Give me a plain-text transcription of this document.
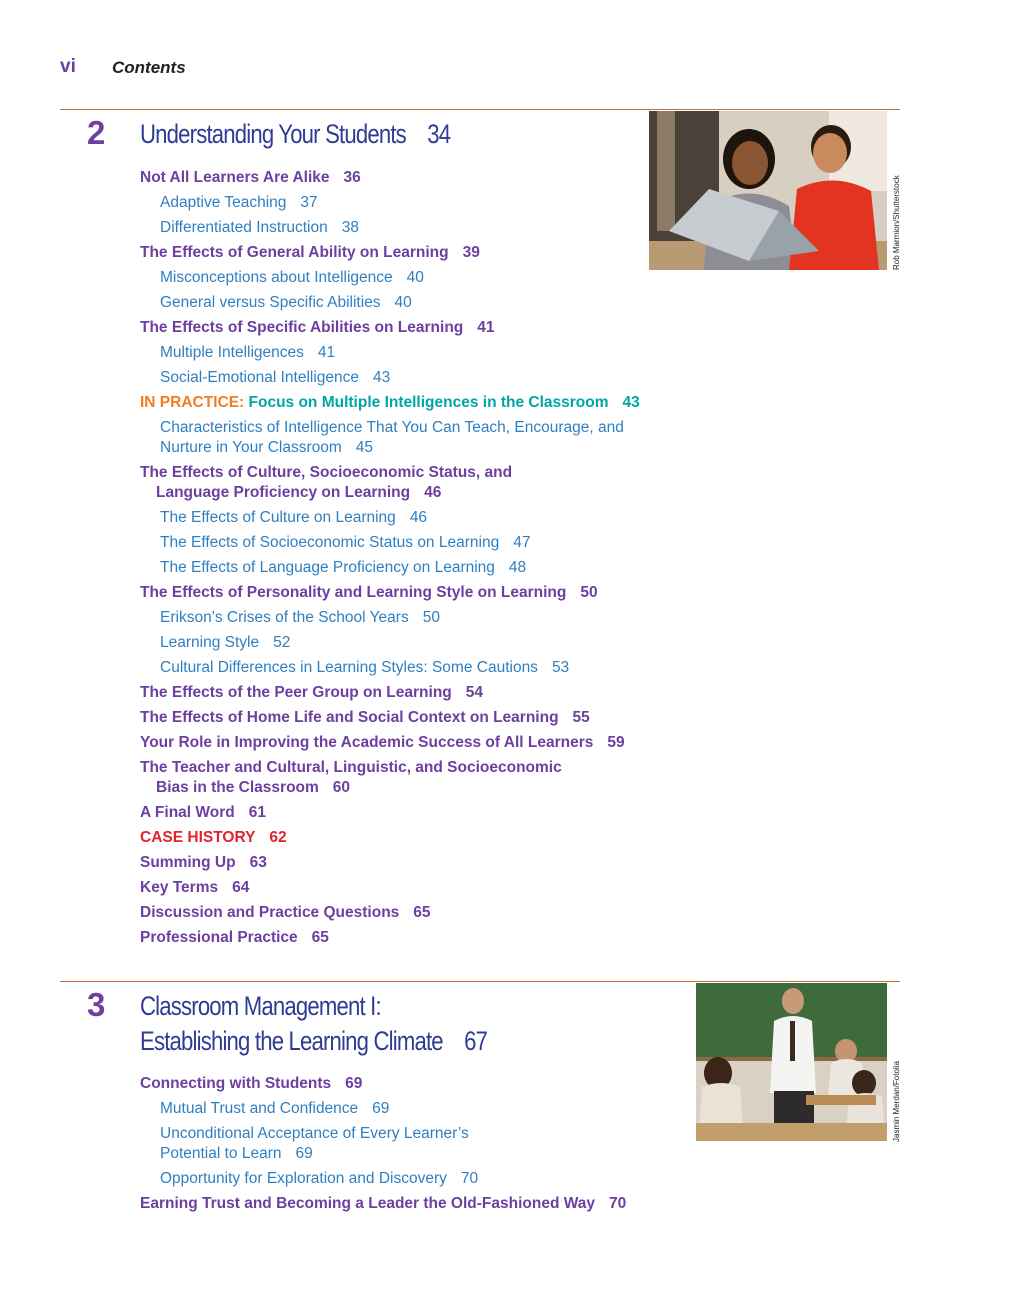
vi Contents
2 Understanding Your Students 34
Rob Marmion/Shutterstock
Not All Learners Are Alike 36
Adaptive Teaching 37
Differentiated Instruction 38
The Effects of General Ability on Learning 39
Misconceptions about Intelligence 40
General versus Specific Abilities 40
The Effects of Specific Abilities on Learning 41
Multiple Intelligences 41
Social-Emotional Intelligence 43
IN PRACTICE: Focus on Multiple Intelligences in the Classroom 43
Characteristics of Intelligence That You Can Teach, Encourage, and
Nurture in Your Classroom 45
The Effects of Culture, Socioeconomic Status, and
Language Proficiency on Learning 46
The Effects of Culture on Learning 46
The Effects of Socioeconomic Status on Learning 47
The Effects of Language Proficiency on Learning 48
The Effects of Personality and Learning Style on Learning 50
Erikson’s Crises of the School Years 50
Learning Style 52
Cultural Differences in Learning Styles: Some Cautions 53
The Effects of the Peer Group on Learning 54
The Effects of Home Life and Social Context on Learning 55
Your Role in Improving the Academic Success of All Learners 59
The Teacher and Cultural, Linguistic, and Socioeconomic
Bias in the Classroom 60
A Final Word 61
CASE HISTORY 62
Summing Up 63
Key Terms 64
Discussion and Practice Questions 65
Professional Practice 65
3 Classroom Management I:
Establishing the Learning Climate 67
Jasmin Merdan/Fotolia
Connecting with Students 69
Mutual Trust and Confidence 69
Unconditional Acceptance of Every Learner’s
Potential to Learn 69
Opportunity for Exploration and Discovery 70
Earning Trust and Becoming a Leader the Old-Fashioned Way 70
